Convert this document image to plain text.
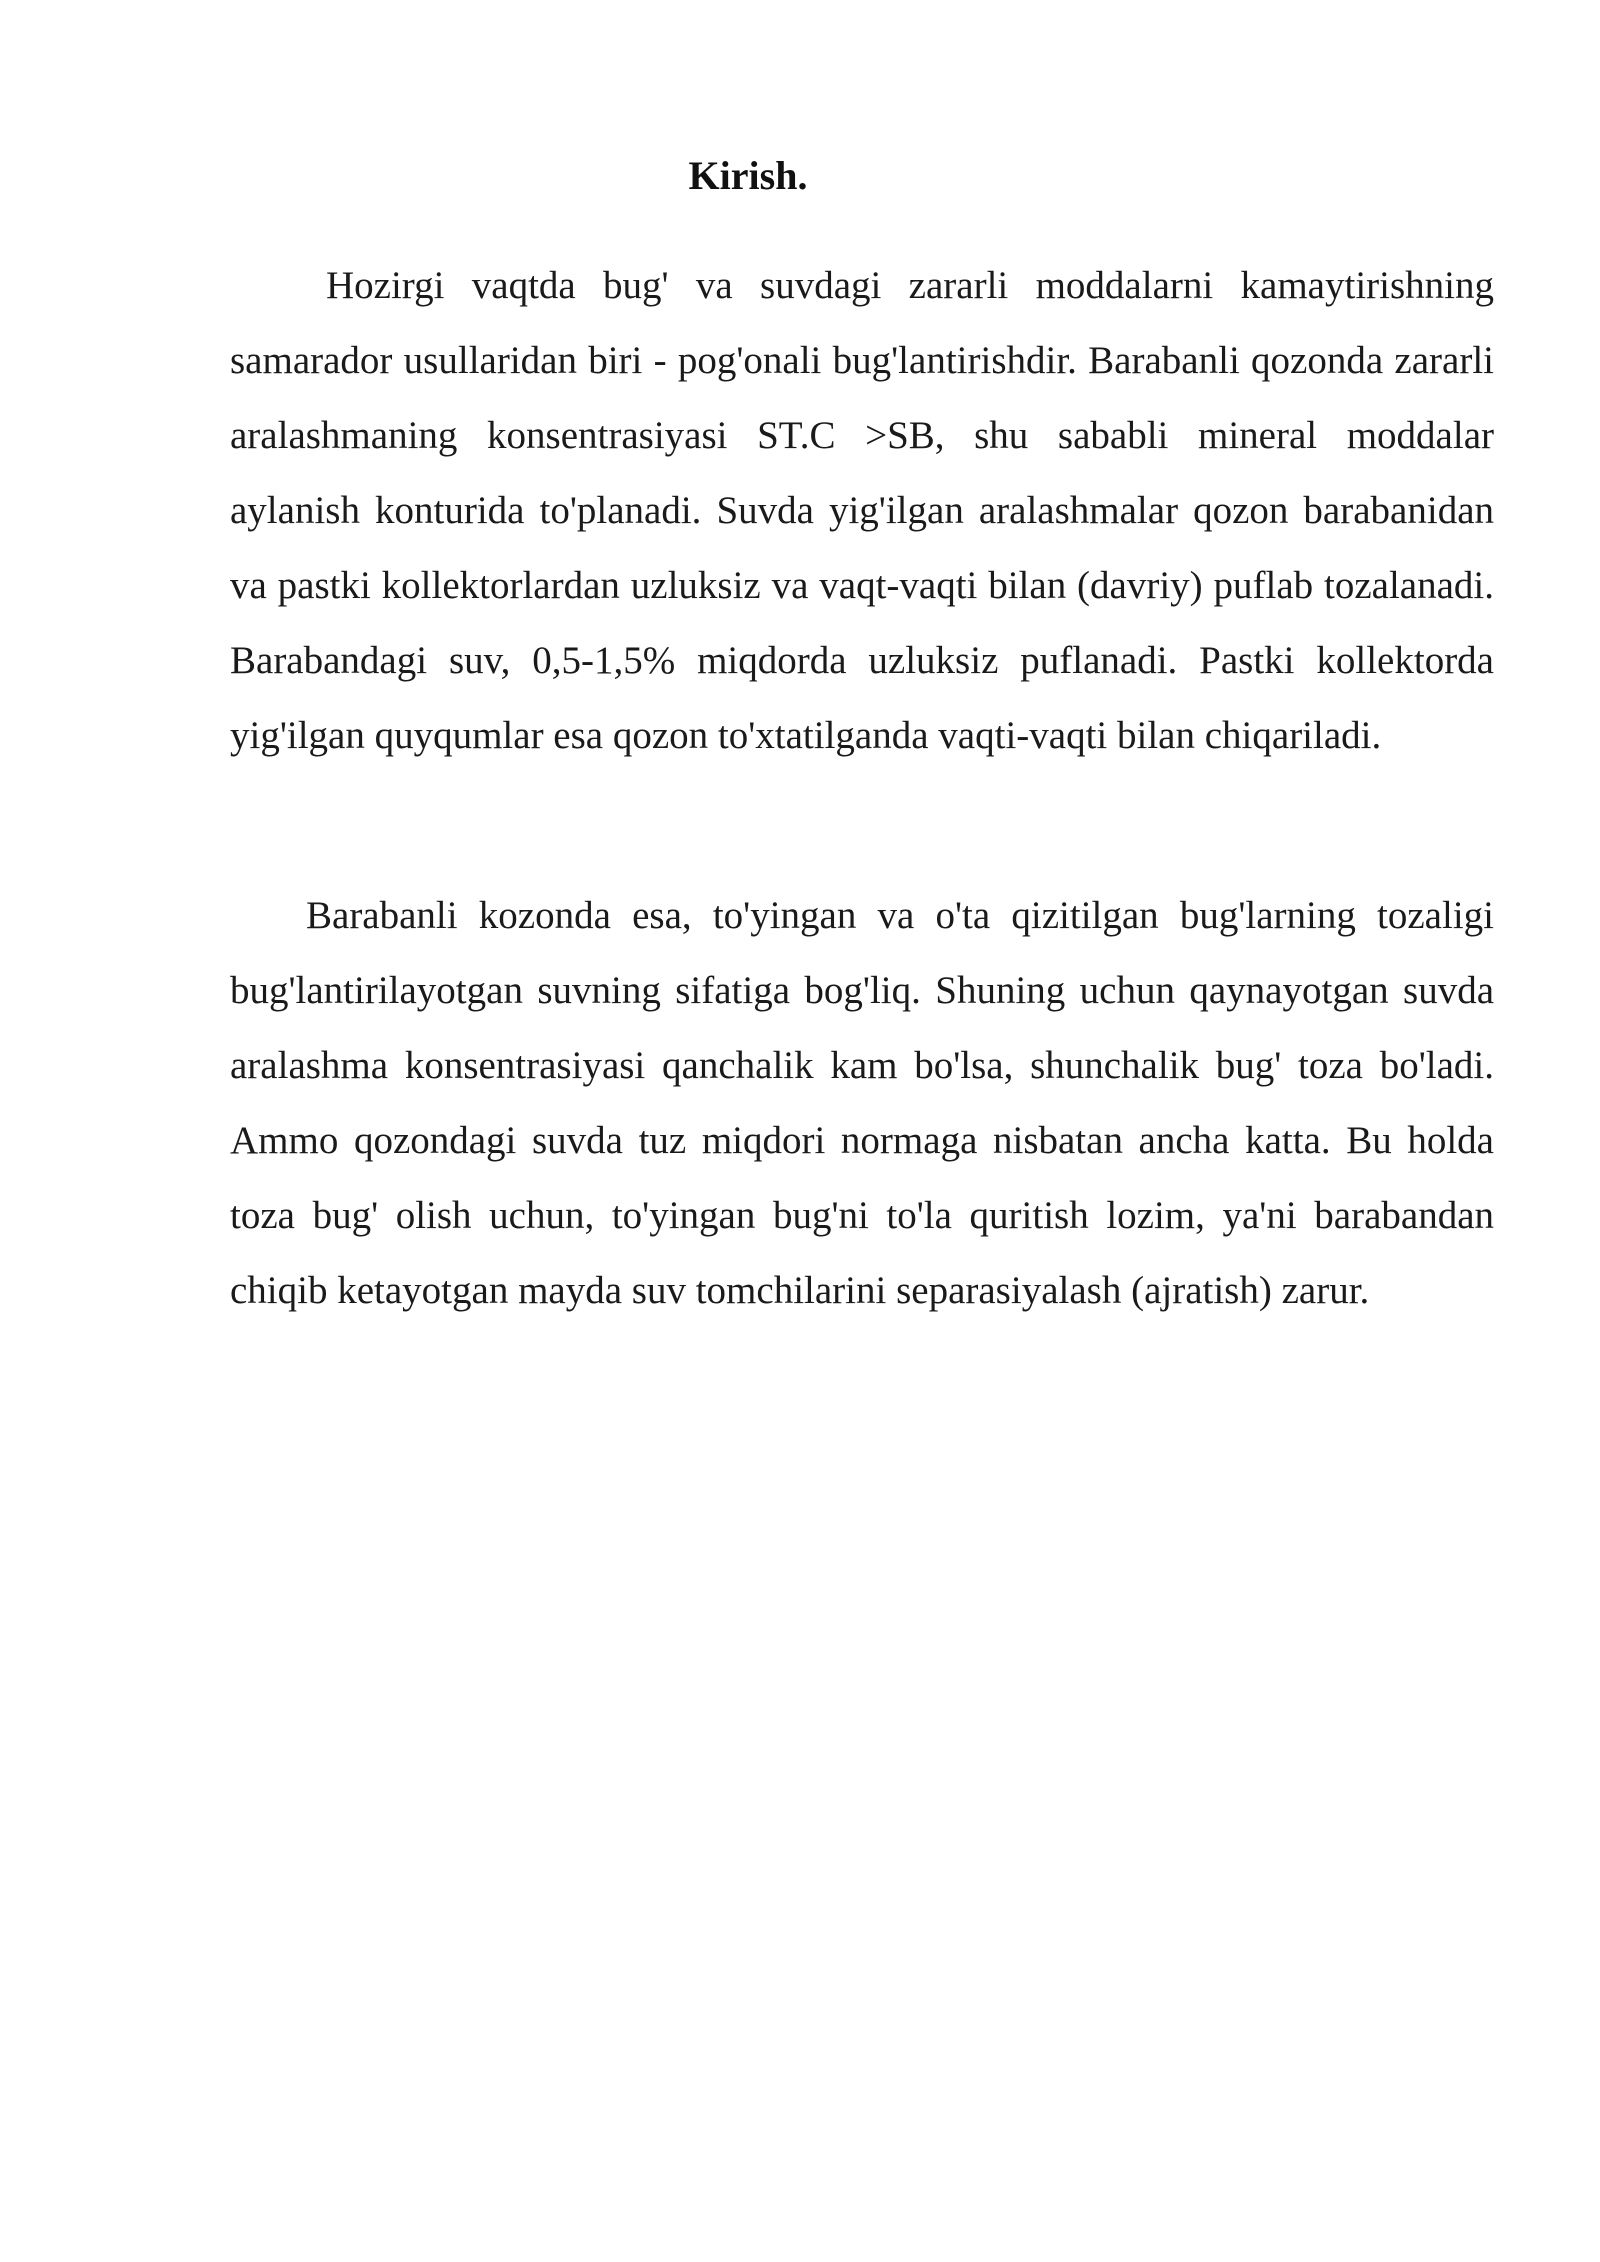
Kirish.

Hozirgi vaqtda bug' va suvdagi zararli moddalarni kamaytirishning samarador usullaridan biri - pog'onali bug'lantirishdir. Barabanli qozonda zararli aralashmaning konsentrasiyasi ST.C >SB, shu sababli mineral moddalar aylanish konturida to'planadi. Suvda yig'ilgan aralashmalar qozon barabanidan va pastki kollektorlardan uzluksiz va vaqt-vaqti bilan (davriy) puflab tozalanadi. Barabandagi suv, 0,5-1,5% miqdorda uzluksiz puflanadi. Pastki kollektorda yig'ilgan quyqumlar esa qozon to'xtatilganda vaqti-vaqti bilan chiqariladi.

Barabanli kozonda esa, to'yingan va o'ta qizitilgan bug'larning tozaligi bug'lantirilayotgan suvning sifatiga bog'liq. Shuning uchun qaynayotgan suvda aralashma konsentrasiyasi qanchalik kam bo'lsa, shunchalik bug' toza bo'ladi. Ammo qozondagi suvda tuz miqdori normaga nisbatan ancha katta. Bu holda toza bug' olish uchun, to'yingan bug'ni to'la quritish lozim, ya'ni barabandan chiqib ketayotgan mayda suv tomchilarini separasiyalash (ajratish) zarur.
